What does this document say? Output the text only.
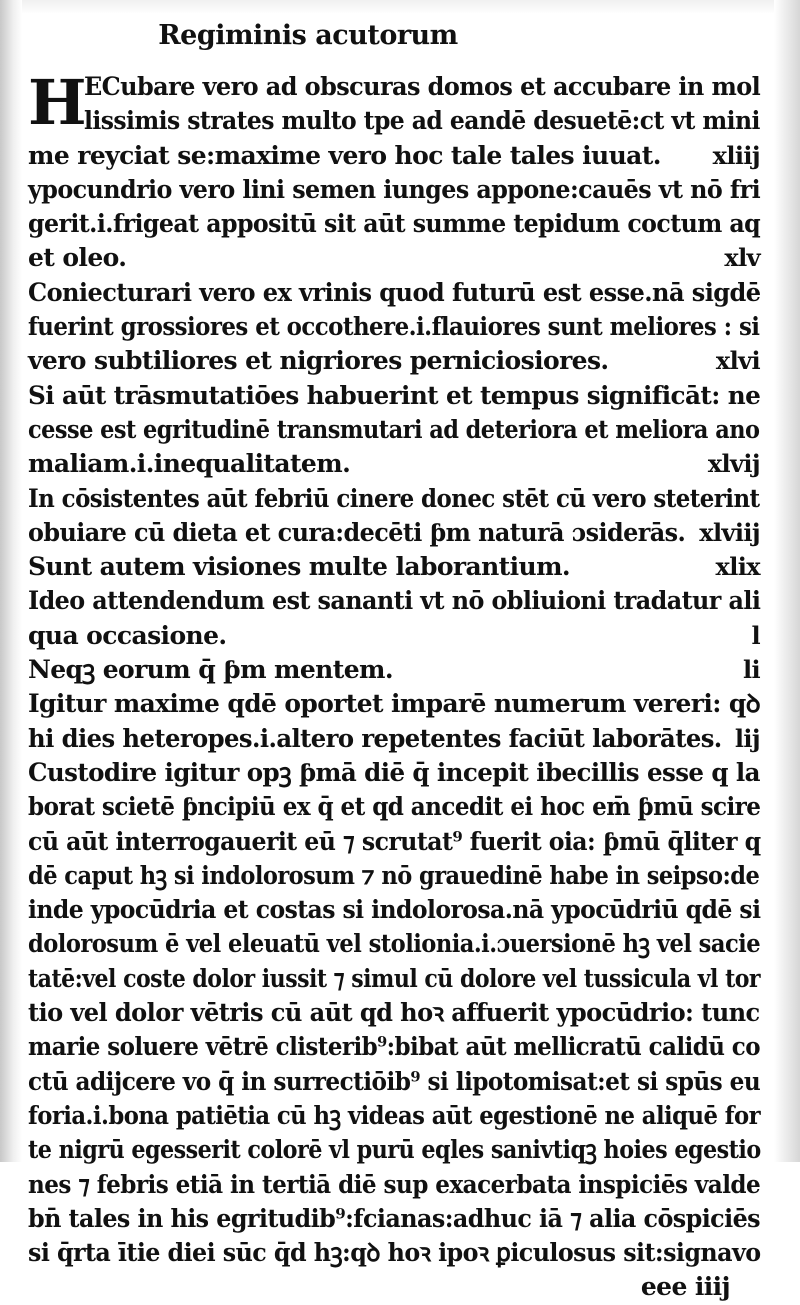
Regiminis acutorum
H
ECubare vero ad obscuras domos et accubare in mol
lissimis strates multo tpe ad eandē desuetē:ct vt mini
me reyciat se:maxime vero hoc tale tales iuuat. xliij
ypocundrio vero lini semen iunges appone:cauēs vt nō fri
gerit.i.frigeat appositū sit aūt summe tepidum coctum aq
et oleo.	xlv
Coniecturari vero ex vrinis quod futurū est esse.nā sigdē
fuerint grossiores et occothere.i.flauiores sunt meliores : si
vero subtiliores et nigriores perniciosiores.	xlvi
Si aūt trāsmutatiōes habuerint et tempus significāt: ne
cesse est egritudinē transmutari ad deteriora et meliora ano
maliam.i.inequalitatem.	xlvij
In cōsistentes aūt febriū cinere donec stēt cū vero steterint
obuiare cū dieta et cura:decēti ƥm naturā ɔsiderās. xlviij
Sunt autem visiones multe laborantium.	xlix
Ideo attendendum est sananti vt nō obliuioni tradatur ali
qua occasione.	l
Neqꝫ eorum q̄ ƥm mentem.	li
Igitur maxime qdē oportet imparē numerum vereri: qꝺ
hi dies heteropes.i.altero repetentes faciūt laborātes. lij
Custodire igitur opꝫ ƥmā diē q̄ incepit ibecillis esse q la
borat scietē ƥncipiū ex q̄ et qd ancedit ei hoc em̄ ƥmū scire
cū aūt interrogauerit eū ⁊ scrutat⁹ fuerit oia: ƥmū q̄liter q
dē caput hꝫ si indolorosum ⁊ nō grauedinē habe in seipso:de
inde ypocūdria et costas si indolorosa.nā ypocūdriū qdē si
dolorosum ē vel eleuatū vel stolionia.i.ɔuersionē hꝫ vel sacie
tatē:vel coste dolor iussit ⁊ simul cū dolore vel tussicula vl tor
tio vel dolor vētris cū aūt qd hoꝛ affuerit ypocūdrio: tunc
marie soluere vētrē clisterib⁹:bibat aūt mellicratū calidū co
ctū adijcere vo q̄ in surrectiōib⁹ si lipotomisat:et si spūs eu
foria.i.bona patiētia cū hꝫ videas aūt egestionē ne aliquē for
te nigrū egesserit colorē vl purū eqles sanivtiqꝫ hoies egestio
nes ⁊ febris etiā in tertiā diē sup exacerbata inspiciēs valde
bn̄ tales in his egritudib⁹:fcianas:adhuc iā ⁊ alia cōspiciēs
si q̄rta ītie diei sūc q̄d hꝫ:qꝺ hoꝛ ipoꝛ ꝑiculosus sit:signavo
eee iiij
